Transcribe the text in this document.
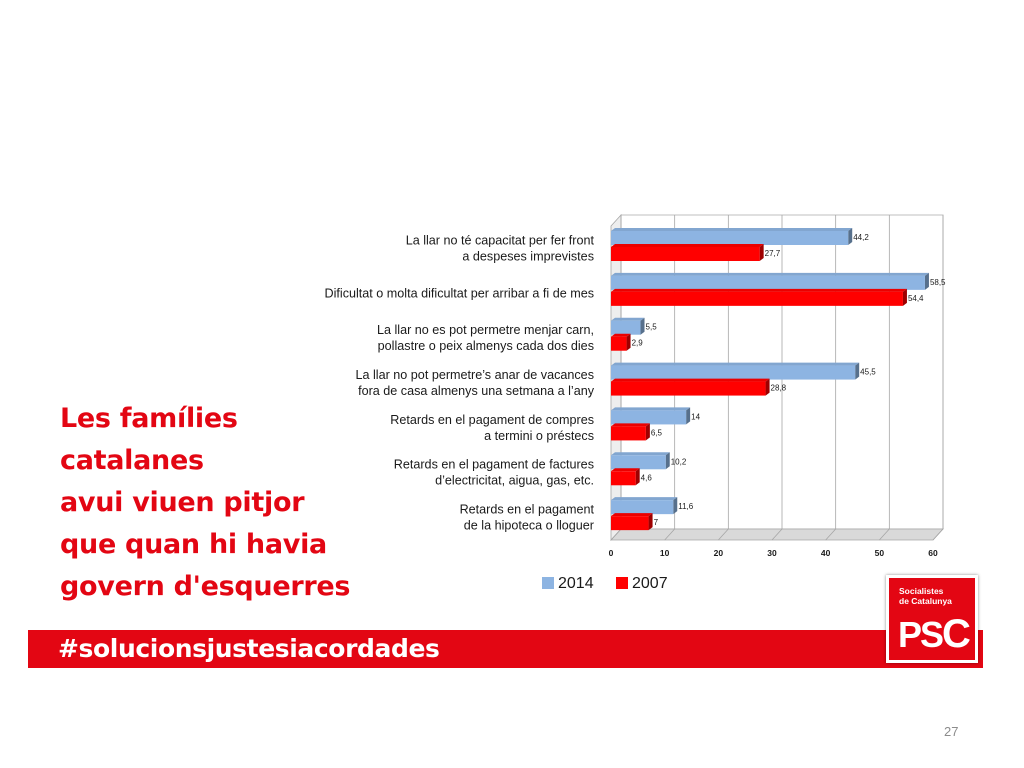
Les famílies
catalanes
avui viuen pitjor
que quan hi havia
govern d'esquerres
#solucionsjustesiacordades
Socialistes
de Catalunya
PSC
27
0	10	20	30	40	50	60
44,2
27,7
La llar no té capacitat per fer front
a despeses imprevistes
58,5
54,4
Dificultat o molta dificultat per arribar a fi de mes
5,5
2,9
La llar no es pot permetre menjar carn,
pollastre o peix almenys cada dos dies
45,5
28,8
La llar no pot permetre’s anar de vacances
fora de casa almenys una setmana a l’any
14
6,5
Retards en el pagament de compres
a termini o préstecs
10,2
4,6
Retards en el pagament de factures
d’electricitat, aigua, gas, etc.
11,6
7
Retards en el pagament
de la hipoteca o lloguer
2014 2007
